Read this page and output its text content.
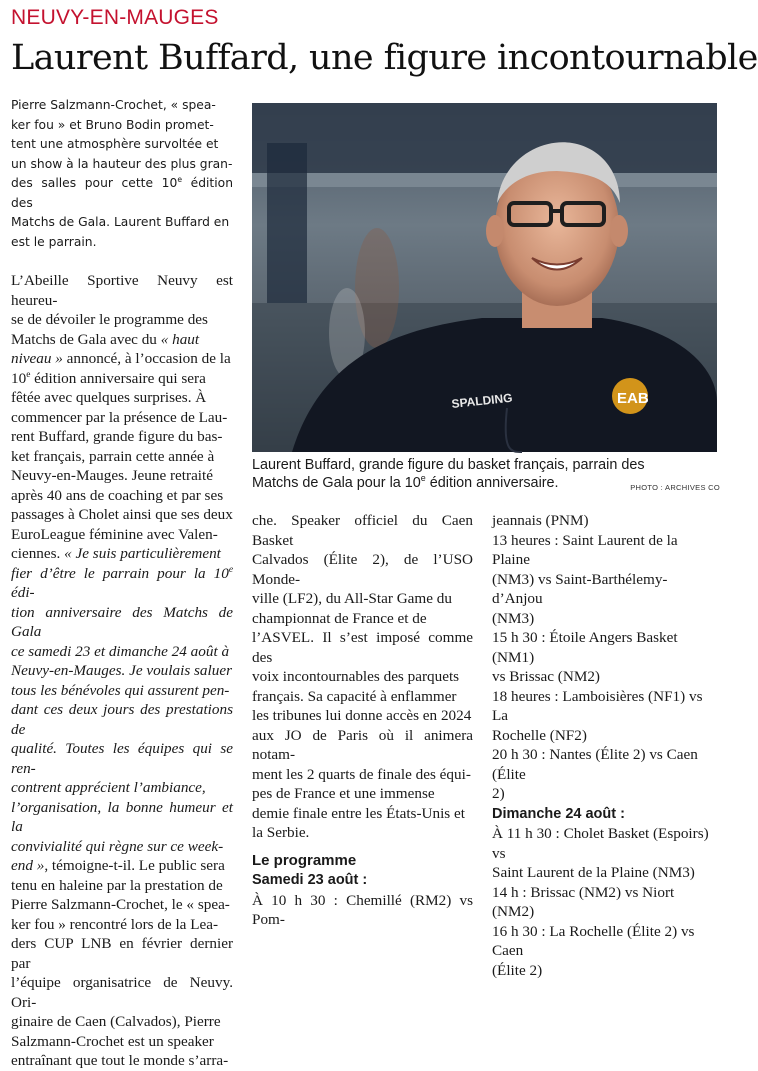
NEUVY-EN-MAUGES
Laurent Buffard, une figure incontournable

Pierre Salzmann-Crochet, « spea-
ker fou » et Bruno Bodin promet-
tent une atmosphère survoltée et
un show à la hauteur des plus gran-
des salles pour cette 10e édition des
Matchs de Gala. Laurent Buffard en
est le parrain.

L’Abeille Sportive Neuvy est heureu-
se de dévoiler le programme des
Matchs de Gala avec du « haut
niveau » annoncé, à l’occasion de la
10e édition anniversaire qui sera
fêtée avec quelques surprises. À
commencer par la présence de Lau-
rent Buffard, grande figure du bas-
ket français, parrain cette année à
Neuvy-en-Mauges. Jeune retraité
après 40 ans de coaching et par ses
passages à Cholet ainsi que ses deux
EuroLeague féminine avec Valen-
ciennes. « Je suis particulièrement
fier d’être le parrain pour la 10e édi-
tion anniversaire des Matchs de Gala
ce samedi 23 et dimanche 24 août à
Neuvy-en-Mauges. Je voulais saluer
tous les bénévoles qui assurent pen-
dant ces deux jours des prestations de
qualité. Toutes les équipes qui se ren-
contrent apprécient l’ambiance,
l’organisation, la bonne humeur et la
convivialité qui règne sur ce week-
end », témoigne-t-il. Le public sera
tenu en haleine par la prestation de
Pierre Salzmann-Crochet, le « spea-
ker fou » rencontré lors de la Lea-
ders CUP LNB en février dernier par
l’équipe organisatrice de Neuvy. Ori-
ginaire de Caen (Calvados), Pierre
Salzmann-Crochet est un speaker
entraînant que tout le monde s’arra-

SPALDING	EAB
Laurent Buffard, grande figure du basket français, parrain des
Matchs de Gala pour la 10e édition anniversaire.	PHOTO : ARCHIVES CO

che. Speaker officiel du Caen Basket
Calvados (Élite 2), de l’USO Monde-
ville (LF2), du All-Star Game du
championnat de France et de
l’ASVEL. Il s’est imposé comme des
voix incontournables des parquets
français. Sa capacité à enflammer
les tribunes lui donne accès en 2024
aux JO de Paris où il animera notam-
ment les 2 quarts de finale des équi-
pes de France et une immense
demie finale entre les États-Unis et
la Serbie.

Le programme

Samedi 23 août :
À 10 h 30 : Chemillé (RM2) vs Pom-

jeannais (PNM)
13 heures : Saint Laurent de la Plaine
(NM3) vs Saint-Barthélemy-d’Anjou
(NM3)
15 h 30 : Étoile Angers Basket (NM1)
vs Brissac (NM2)
18 heures : Lamboisières (NF1) vs La
Rochelle (NF2)
20 h 30 : Nantes (Élite 2) vs Caen (Élite
2)
Dimanche 24 août :
À 11 h 30 : Cholet Basket (Espoirs) vs
Saint Laurent de la Plaine (NM3)
14 h : Brissac (NM2) vs Niort (NM2)
16 h 30 : La Rochelle (Élite 2) vs Caen
(Élite 2)
